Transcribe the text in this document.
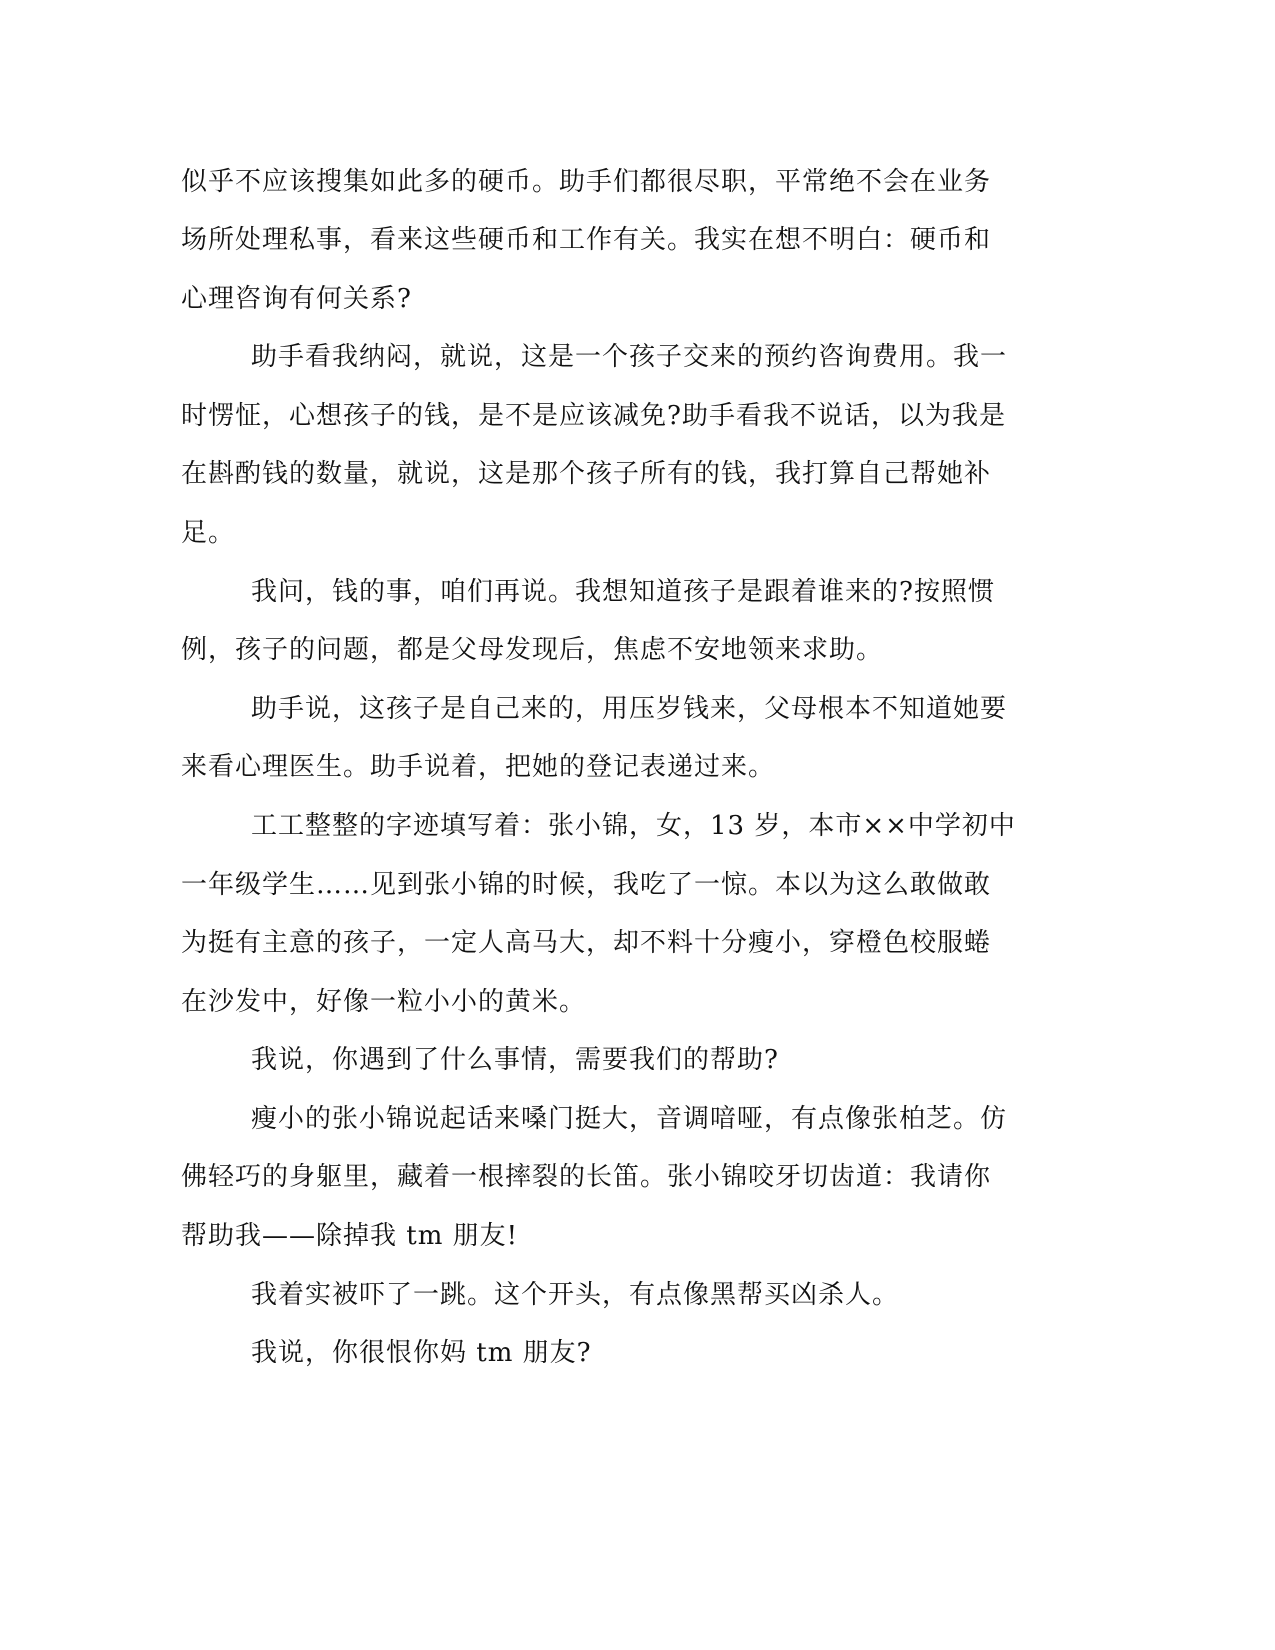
似乎不应该搜集如此多的硬币。助手们都很尽职，平常绝不会在业务
场所处理私事，看来这些硬币和工作有关。我实在想不明白：硬币和
心理咨询有何关系?
助手看我纳闷，就说，这是一个孩子交来的预约咨询费用。我一
时愣怔，心想孩子的钱，是不是应该减免?助手看我不说话，以为我是
在斟酌钱的数量，就说，这是那个孩子所有的钱，我打算自己帮她补
足。
我问，钱的事，咱们再说。我想知道孩子是跟着谁来的?按照惯
例，孩子的问题，都是父母发现后，焦虑不安地领来求助。
助手说，这孩子是自己来的，用压岁钱来，父母根本不知道她要
来看心理医生。助手说着，把她的登记表递过来。
工工整整的字迹填写着：张小锦，女，13 岁，本市××中学初中
一年级学生……见到张小锦的时候，我吃了一惊。本以为这么敢做敢
为挺有主意的孩子，一定人高马大，却不料十分瘦小，穿橙色校服蜷
在沙发中，好像一粒小小的黄米。
我说，你遇到了什么事情，需要我们的帮助?
瘦小的张小锦说起话来嗓门挺大，音调喑哑，有点像张柏芝。仿
佛轻巧的身躯里，藏着一根摔裂的长笛。张小锦咬牙切齿道：我请你
帮助我——除掉我 tm 朋友!
我着实被吓了一跳。这个开头，有点像黑帮买凶杀人。
我说，你很恨你妈 tm 朋友?
